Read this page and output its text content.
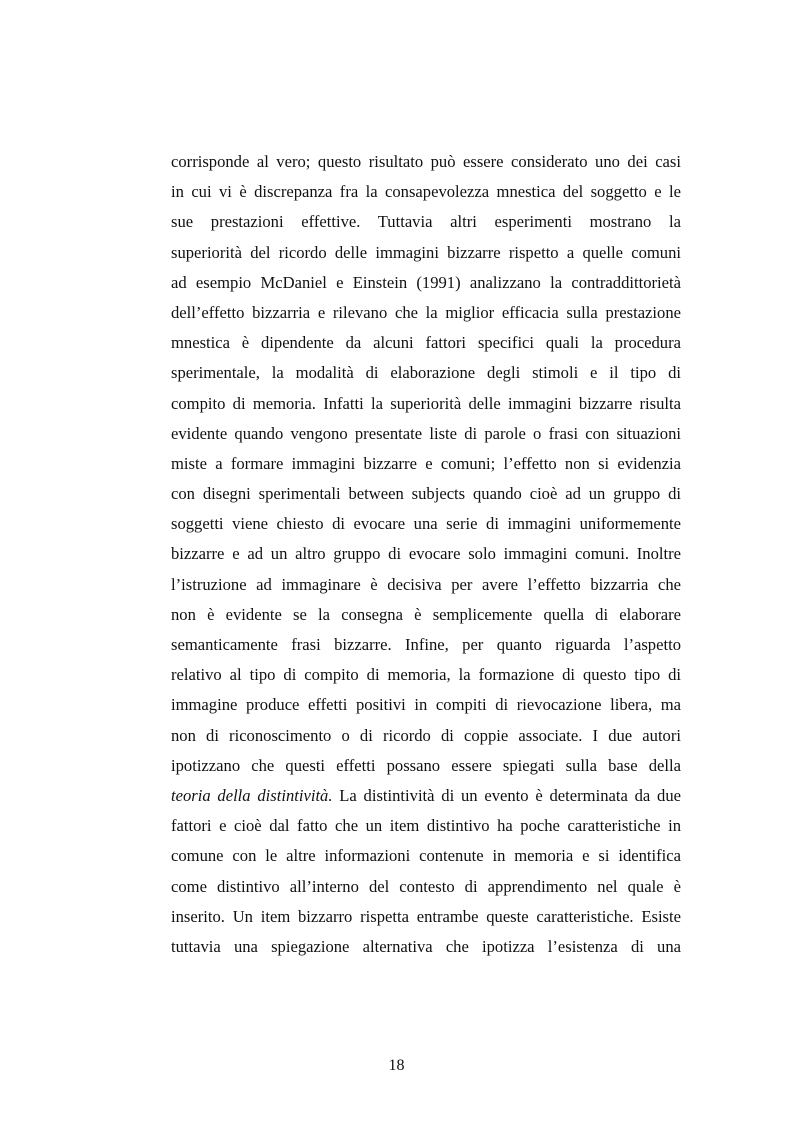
corrisponde al vero; questo risultato può essere considerato uno dei casi
in cui vi è discrepanza fra la consapevolezza mnestica del soggetto e le
sue prestazioni effettive. Tuttavia altri esperimenti mostrano la
superiorità del ricordo delle immagini bizzarre rispetto a quelle comuni
ad esempio McDaniel e Einstein (1991) analizzano la contraddittorietà
dell’effetto bizzarria e rilevano che la miglior efficacia sulla prestazione
mnestica è dipendente da alcuni fattori specifici quali la procedura
sperimentale, la modalità di elaborazione degli stimoli e il tipo di
compito di memoria. Infatti la superiorità delle immagini bizzarre risulta
evidente quando vengono presentate liste di parole o frasi con situazioni
miste a formare immagini bizzarre e comuni; l’effetto non si evidenzia
con disegni sperimentali between subjects quando cioè ad un gruppo di
soggetti viene chiesto di evocare una serie di immagini uniformemente
bizzarre e ad un altro gruppo di evocare solo immagini comuni. Inoltre
l’istruzione ad immaginare è decisiva per avere l’effetto bizzarria che
non è evidente se la consegna è semplicemente quella di elaborare
semanticamente frasi bizzarre. Infine, per quanto riguarda l’aspetto
relativo al tipo di compito di memoria, la formazione di questo tipo di
immagine produce effetti positivi in compiti di rievocazione libera, ma
non di riconoscimento o di ricordo di coppie associate. I due autori
ipotizzano che questi effetti possano essere spiegati sulla base della
teoria della distintività. La distintività di un evento è determinata da due
fattori e cioè dal fatto che un item distintivo ha poche caratteristiche in
comune con le altre informazioni contenute in memoria e si identifica
come distintivo all’interno del contesto di apprendimento nel quale è
inserito. Un item bizzarro rispetta entrambe queste caratteristiche. Esiste
tuttavia una spiegazione alternativa che ipotizza l’esistenza di una

18
